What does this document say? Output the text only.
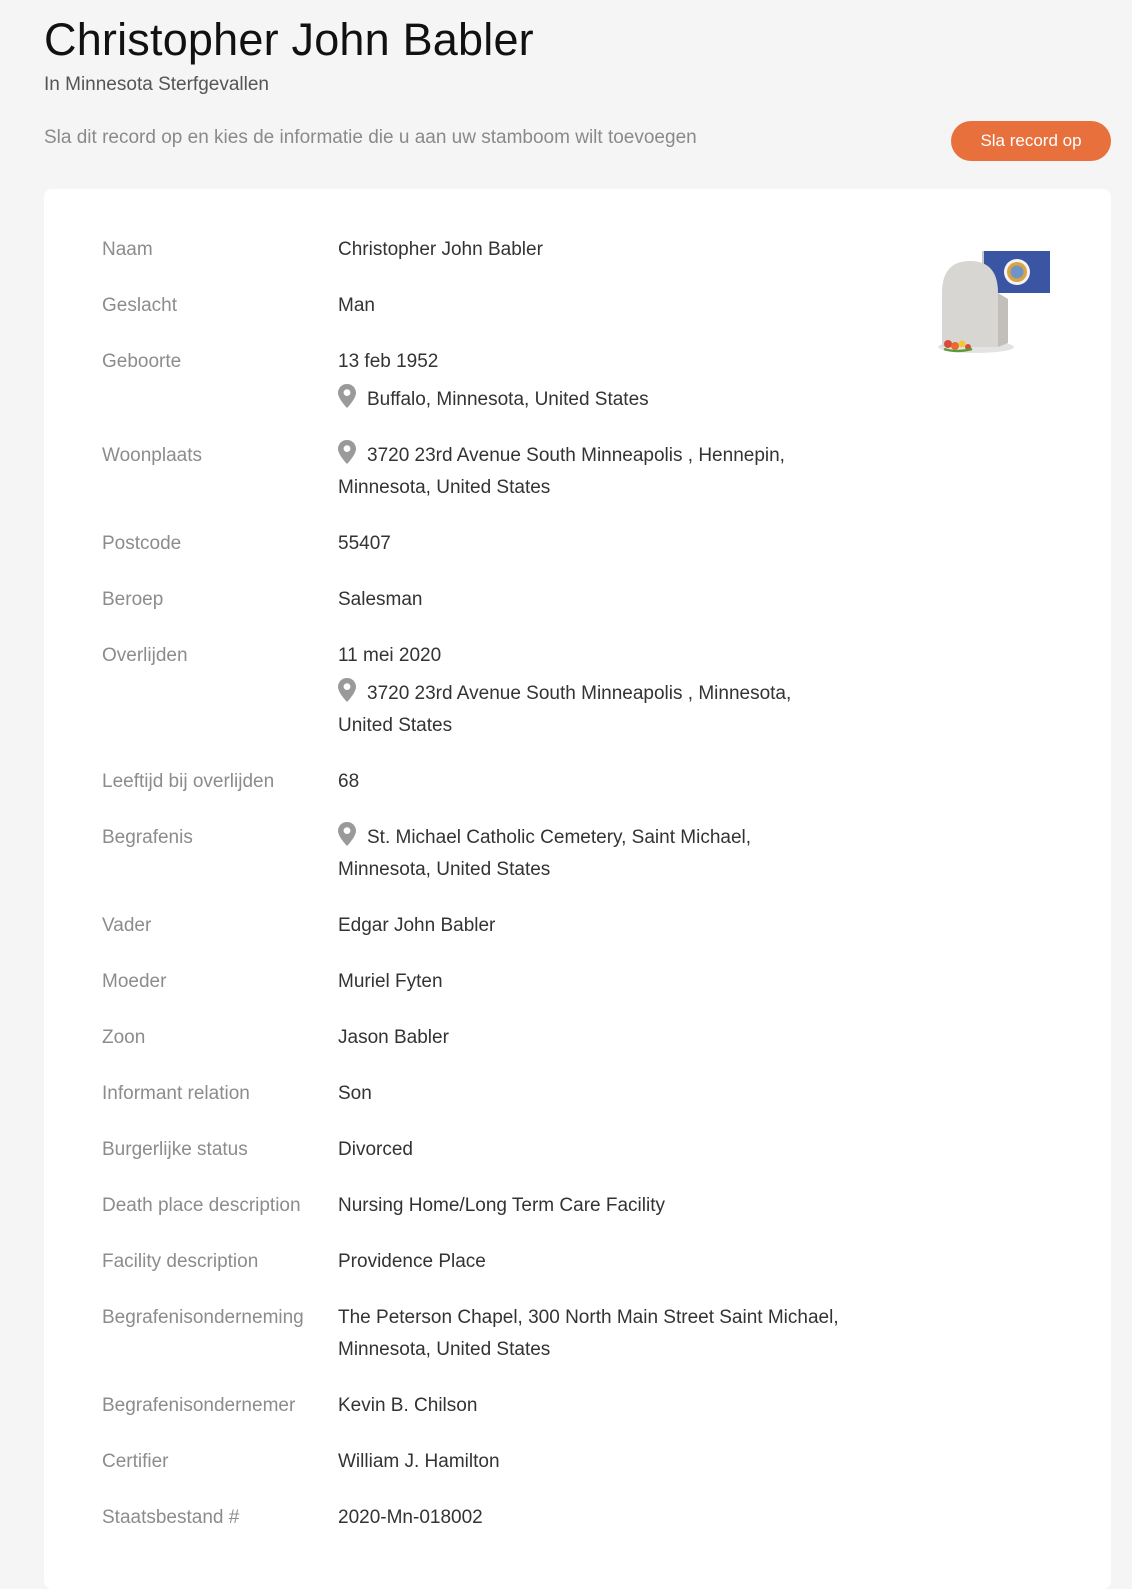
Christopher John Babler
In Minnesota Sterfgevallen
Sla dit record op en kies de informatie die u aan uw stamboom wilt toevoegen	Sla record op
Naam	Christopher John Babler
Geslacht	Man
Geboorte	13 feb 1952
Buffalo, Minnesota, United States
Woonplaats	3720 23rd Avenue South Minneapolis , Hennepin,
Minnesota, United States
Postcode	55407
Beroep	Salesman
Overlijden	11 mei 2020
3720 23rd Avenue South Minneapolis , Minnesota,
United States
Leeftijd bij overlijden	68
Begrafenis	St. Michael Catholic Cemetery, Saint Michael,
Minnesota, United States
Vader	Edgar John Babler
Moeder	Muriel Fyten
Zoon	Jason Babler
Informant relation	Son
Burgerlijke status	Divorced
Death place description	Nursing Home/Long Term Care Facility
Facility description	Providence Place
Begrafenisonderneming	The Peterson Chapel, 300 North Main Street Saint Michael,
Minnesota, United States
Begrafenisondernemer	Kevin B. Chilson
Certifier	William J. Hamilton
Staatsbestand #	2020-Mn-018002
